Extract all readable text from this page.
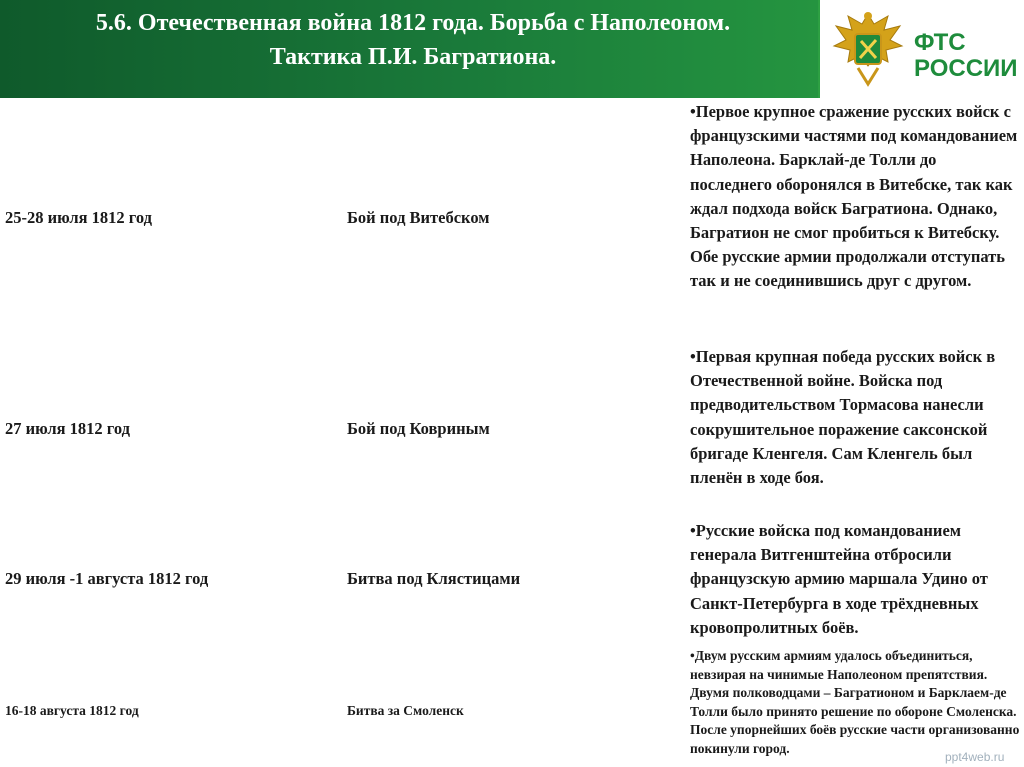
5.6. Отечественная война 1812 года. Борьба с Наполеоном.
Тактика П.И. Багратиона.
ФТС
РОССИИ
25-28 июля 1812 год	Бой под Витебском
•Первое крупное сражение русских войск с французскими частями под командованием Наполеона. Барклай-де Толли до последнего оборонялся в Витебске, так как ждал подхода войск Багратиона. Однако, Багратион не смог пробиться к Витебску. Обе русские армии продолжали отступать так и не соединившись друг с другом.
27 июля 1812 год	Бой под Ковриным
•Первая крупная победа русских войск в Отечественной войне. Войска под предводительством Тормасова нанесли сокрушительное поражение саксонской бригаде Кленгеля. Сам Кленгель был пленён в ходе боя.
29 июля -1 августа 1812 год	Битва под Клястицами
•Русские войска под командованием генерала Витгенштейна отбросили французскую армию маршала Удино от Санкт-Петербурга в ходе трёхдневных кровопролитных боёв.
16-18 августа 1812 год	Битва за Смоленск
•Двум русским армиям удалось объединиться, невзирая на чинимые Наполеоном препятствия. Двумя полководцами – Багратионом и Барклаем-де Толли было принято решение по обороне Смоленска. После упорнейших боёв русские части организованно покинули город.
ppt4web.ru
